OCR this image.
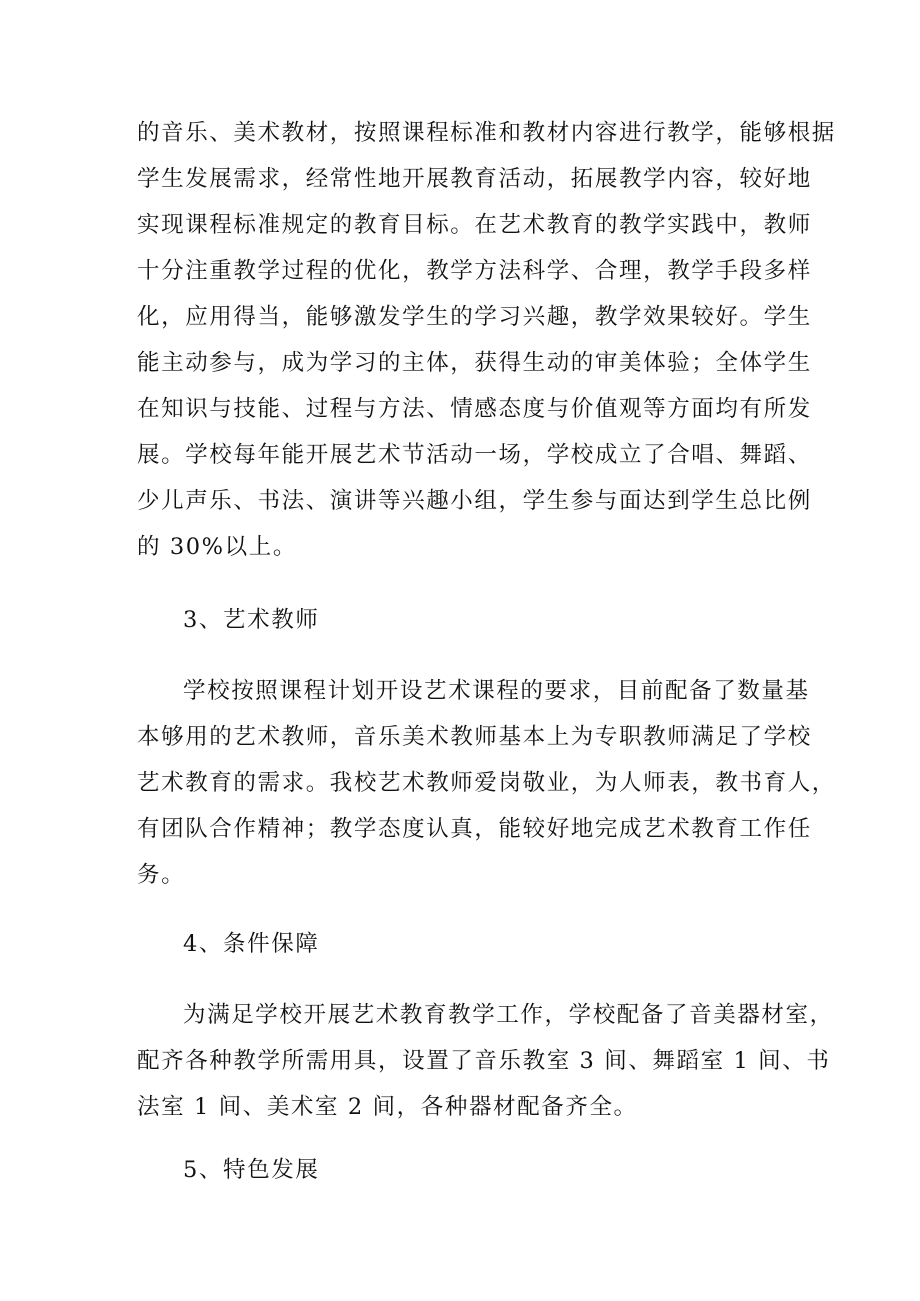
的音乐、美术教材，按照课程标准和教材内容进行教学，能够根据
学生发展需求，经常性地开展教育活动，拓展教学内容，较好地
实现课程标准规定的教育目标。在艺术教育的教学实践中，教师
十分注重教学过程的优化，教学方法科学、合理，教学手段多样
化，应用得当，能够激发学生的学习兴趣，教学效果较好。学生
能主动参与，成为学习的主体，获得生动的审美体验；全体学生
在知识与技能、过程与方法、情感态度与价值观等方面均有所发
展。学校每年能开展艺术节活动一场，学校成立了合唱、舞蹈、
少儿声乐、书法、演讲等兴趣小组，学生参与面达到学生总比例
的 30%以上。
3、艺术教师
学校按照课程计划开设艺术课程的要求，目前配备了数量基
本够用的艺术教师，音乐美术教师基本上为专职教师满足了学校
艺术教育的需求。我校艺术教师爱岗敬业，为人师表，教书育人，
有团队合作精神；教学态度认真，能较好地完成艺术教育工作任
务。
4、条件保障
为满足学校开展艺术教育教学工作，学校配备了音美器材室，
配齐各种教学所需用具，设置了音乐教室 3 间、舞蹈室 1 间、书
法室 1 间、美术室 2 间，各种器材配备齐全。
5、特色发展
